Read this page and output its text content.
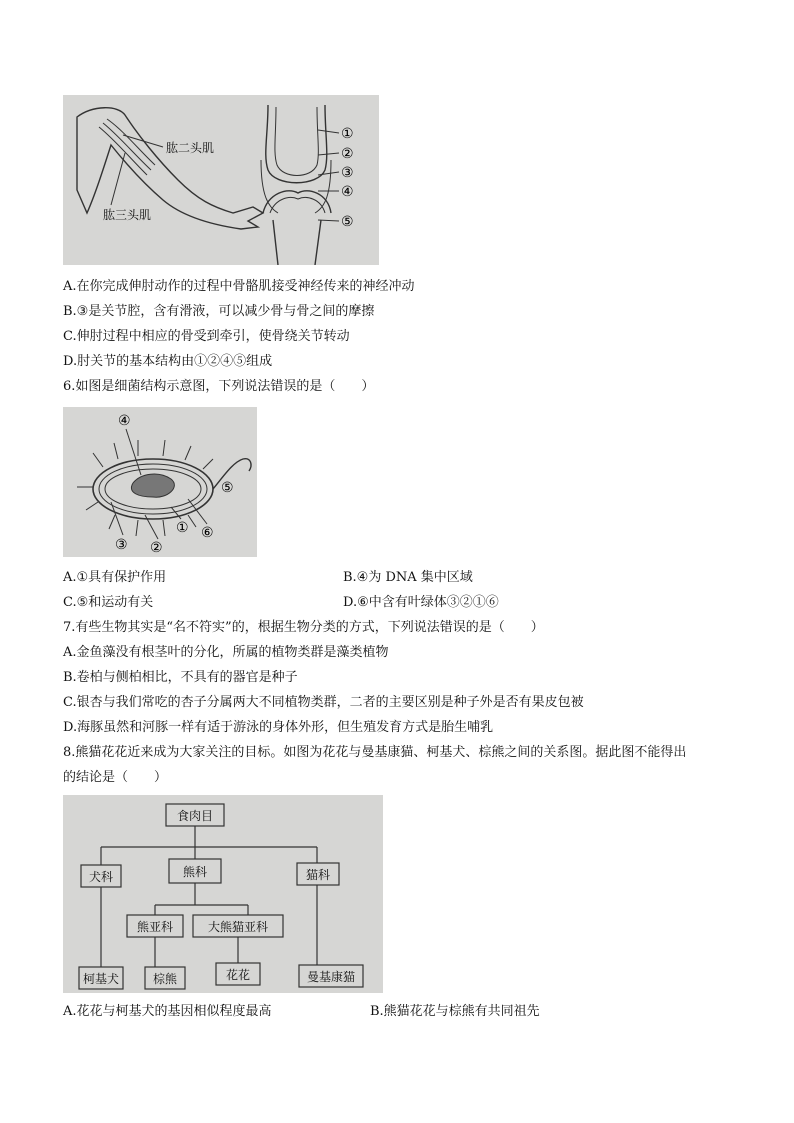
肱二头肌
肱三头肌
①
②
③
④
⑤
A.在你完成伸肘动作的过程中骨骼肌接受神经传来的神经冲动
B.③是关节腔，含有滑液，可以减少骨与骨之间的摩擦
C.伸肘过程中相应的骨受到牵引，使骨绕关节转动
D.肘关节的基本结构由①②④⑤组成
6.如图是细菌结构示意图，下列说法错误的是（　　）
④
⑤
③ ②
① ⑥
A.①具有保护作用	B.④为 DNA 集中区域
C.⑤和运动有关	D.⑥中含有叶绿体③②①⑥
7.有些生物其实是“名不符实”的，根据生物分类的方式，下列说法错误的是（　　）
A.金鱼藻没有根茎叶的分化，所属的植物类群是藻类植物
B.卷柏与侧柏相比，不具有的器官是种子
C.银杏与我们常吃的杏子分属两大不同植物类群，二者的主要区别是种子外是否有果皮包被
D.海豚虽然和河豚一样有适于游泳的身体外形，但生殖发育方式是胎生哺乳
8.熊猫花花近来成为大家关注的目标。如图为花花与曼基康猫、柯基犬、棕熊之间的关系图。据此图不能得出
的结论是（　　）
食肉目
犬科	熊科	猫科
熊亚科	大熊猫亚科
柯基犬	棕熊	花花	曼基康猫
A.花花与柯基犬的基因相似程度最高	B.熊猫花花与棕熊有共同祖先
